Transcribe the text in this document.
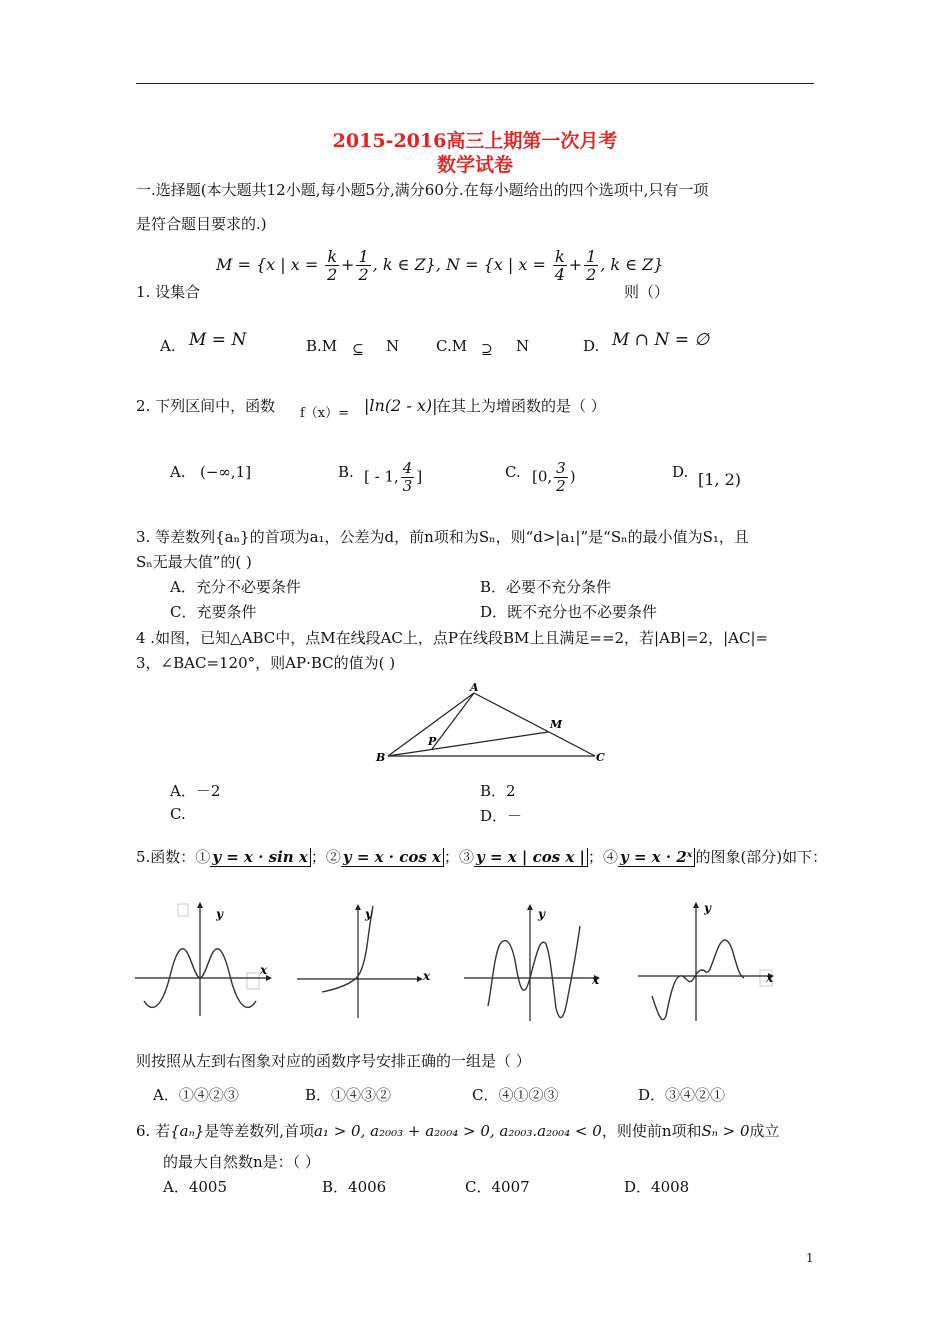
2015-2016高三上期第一次月考
数学试卷
一.选择题(本大题共12小题,每小题5分,满分60分.在每小题给出的四个选项中,只有一项
是符合题目要求的.)
1. 设集合
M = {x | $x = \frac{k}{2} + \frac{1}{2}$ , k ∈ Z}, N = {x | $x = \frac{k}{4} + \frac{1}{2}$ , k ∈ Z}
则（）
A. M = N	B.M ⊆ N C.M ⊇ N	D. M ∩ N = ∅
2. 下列区间中，函数 f（x）= |ln(2 - x)|
在其上为增函数的是（ ）
A. (−∞,1]	B. [ - 1, $\frac{4}{3}$ ]	C. [0, $\frac{3}{2}$ )	D. [1, 2)
3. 等差数列{aₙ}的首项为a₁，公差为d，前n项和为Sₙ，则“d>|a₁|”是“Sₙ的最小值为S₁，且
Sₙ无最大值”的( )
A．充分不必要条件	B．必要不充分条件
C．充要条件	D．既不充分也不必要条件
4 .如图，已知△ABC中，点M在线段AC上，点P在线段BM上且满足==2，若|AB|=2，|AC|=
3，∠BAC=120°，则AP·BC的值为( )
A
B	C
M
P
A．－2	B．2
C.	D．－
5.函数：① y = x · sin x ；② y = x · cos x ；③ y = x | cos x | ；④ y = x · 2ˣ 的图象(部分)如下：
y
x
y
x
y
x
y
x
则按照从左到右图象对应的函数序号安排正确的一组是（ ）
A．①④②③	B．①④③②	C．④①②③	D．③④②①
6. 若{aₙ}是等差数列,首项a₁ > 0, a₂₀₀₃ + a₂₀₀₄ > 0, a₂₀₀₃.a₂₀₀₄ < 0，则使前n项和Sₙ > 0成立
的最大自然数n是：（ ）
A．4005	B．4006	C．4007	D．4008
1
